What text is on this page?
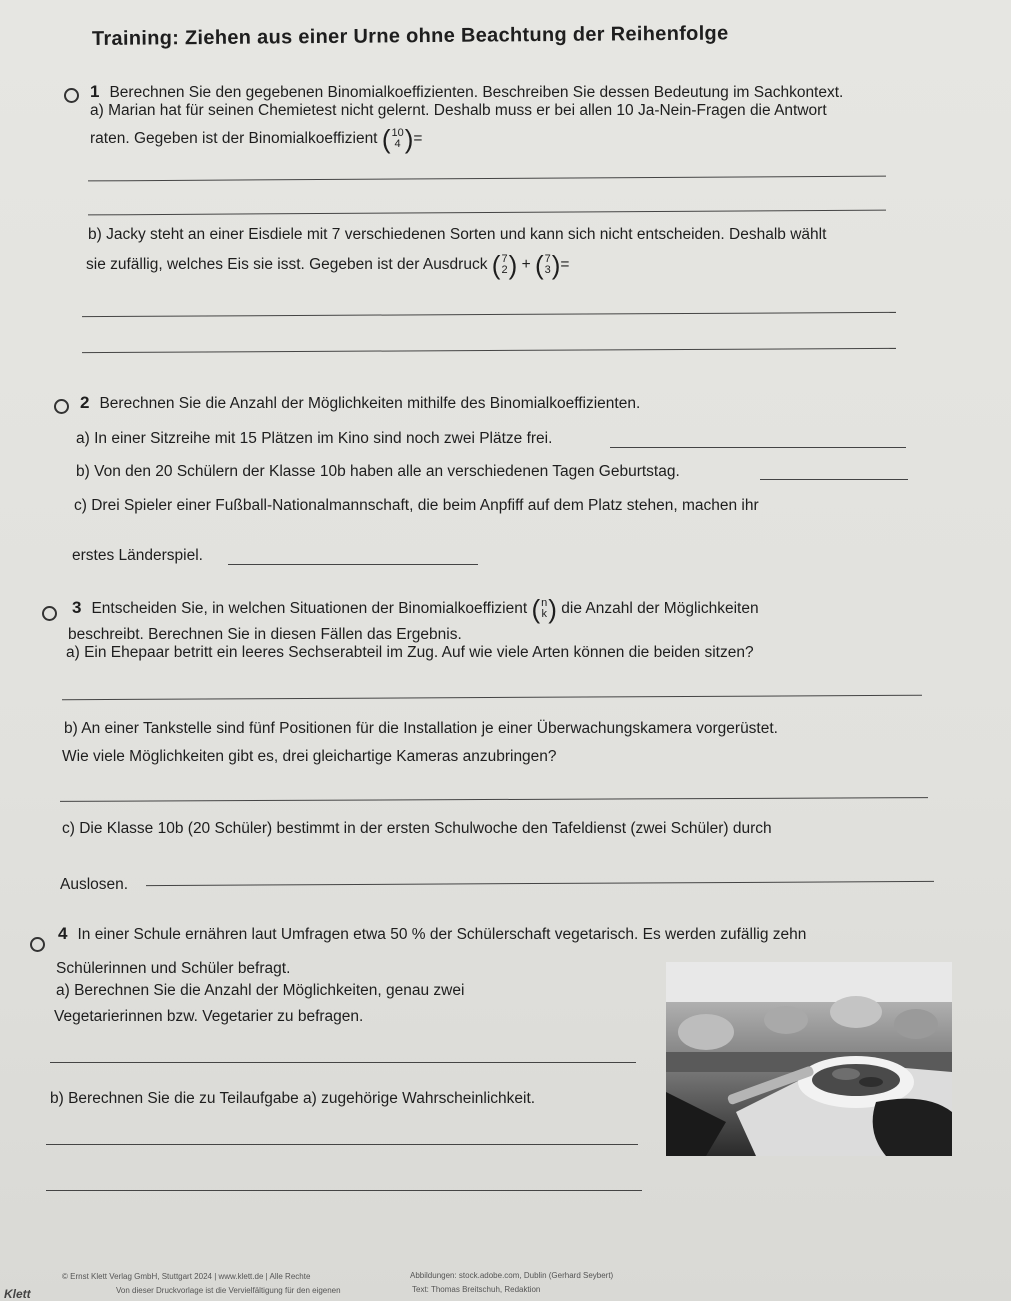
Training: Ziehen aus einer Urne ohne Beachtung der Reihenfolge
1 Berechnen Sie den gegebenen Binomialkoeffizienten. Beschreiben Sie dessen Bedeutung im Sachkontext.
a) Marian hat für seinen Chemietest nicht gelernt. Deshalb muss er bei allen 10 Ja-Nein-Fragen die Antwort
raten. Gegeben ist der Binomialkoeffizient ( 10
4 ) =
b) Jacky steht an einer Eisdiele mit 7 verschiedenen Sorten und kann sich nicht entscheiden. Deshalb wählt
sie zufällig, welches Eis sie isst. Gegeben ist der Ausdruck ( 7
2 ) + ( 7
3 ) =
2 Berechnen Sie die Anzahl der Möglichkeiten mithilfe des Binomialkoeffizienten.
a) In einer Sitzreihe mit 15 Plätzen im Kino sind noch zwei Plätze frei.
b) Von den 20 Schülern der Klasse 10b haben alle an verschiedenen Tagen Geburtstag.
c) Drei Spieler einer Fußball-Nationalmannschaft, die beim Anpfiff auf dem Platz stehen, machen ihr
erstes Länderspiel.
3 Entscheiden Sie, in welchen Situationen der Binomialkoeffizient ( n
k ) die Anzahl der Möglichkeiten
beschreibt. Berechnen Sie in diesen Fällen das Ergebnis.
a) Ein Ehepaar betritt ein leeres Sechserabteil im Zug. Auf wie viele Arten können die beiden sitzen?
b) An einer Tankstelle sind fünf Positionen für die Installation je einer Überwachungskamera vorgerüstet.
Wie viele Möglichkeiten gibt es, drei gleichartige Kameras anzubringen?
c) Die Klasse 10b (20 Schüler) bestimmt in der ersten Schulwoche den Tafeldienst (zwei Schüler) durch
Auslosen.
4 In einer Schule ernähren laut Umfragen etwa 50 % der Schülerschaft vegetarisch. Es werden zufällig zehn
Schülerinnen und Schüler befragt.
a) Berechnen Sie die Anzahl der Möglichkeiten, genau zwei
Vegetarierinnen bzw. Vegetarier zu befragen.
b) Berechnen Sie die zu Teilaufgabe a) zugehörige Wahrscheinlichkeit.
© Ernst Klett Verlag GmbH, Stuttgart 2024 | www.klett.de | Alle Rechte
Von dieser Druckvorlage ist die Vervielfältigung für den eigenen
Abbildungen: stock.adobe.com, Dublin (Gerhard Seybert)
Text: Thomas Breitschuh, Redaktion
Klett
